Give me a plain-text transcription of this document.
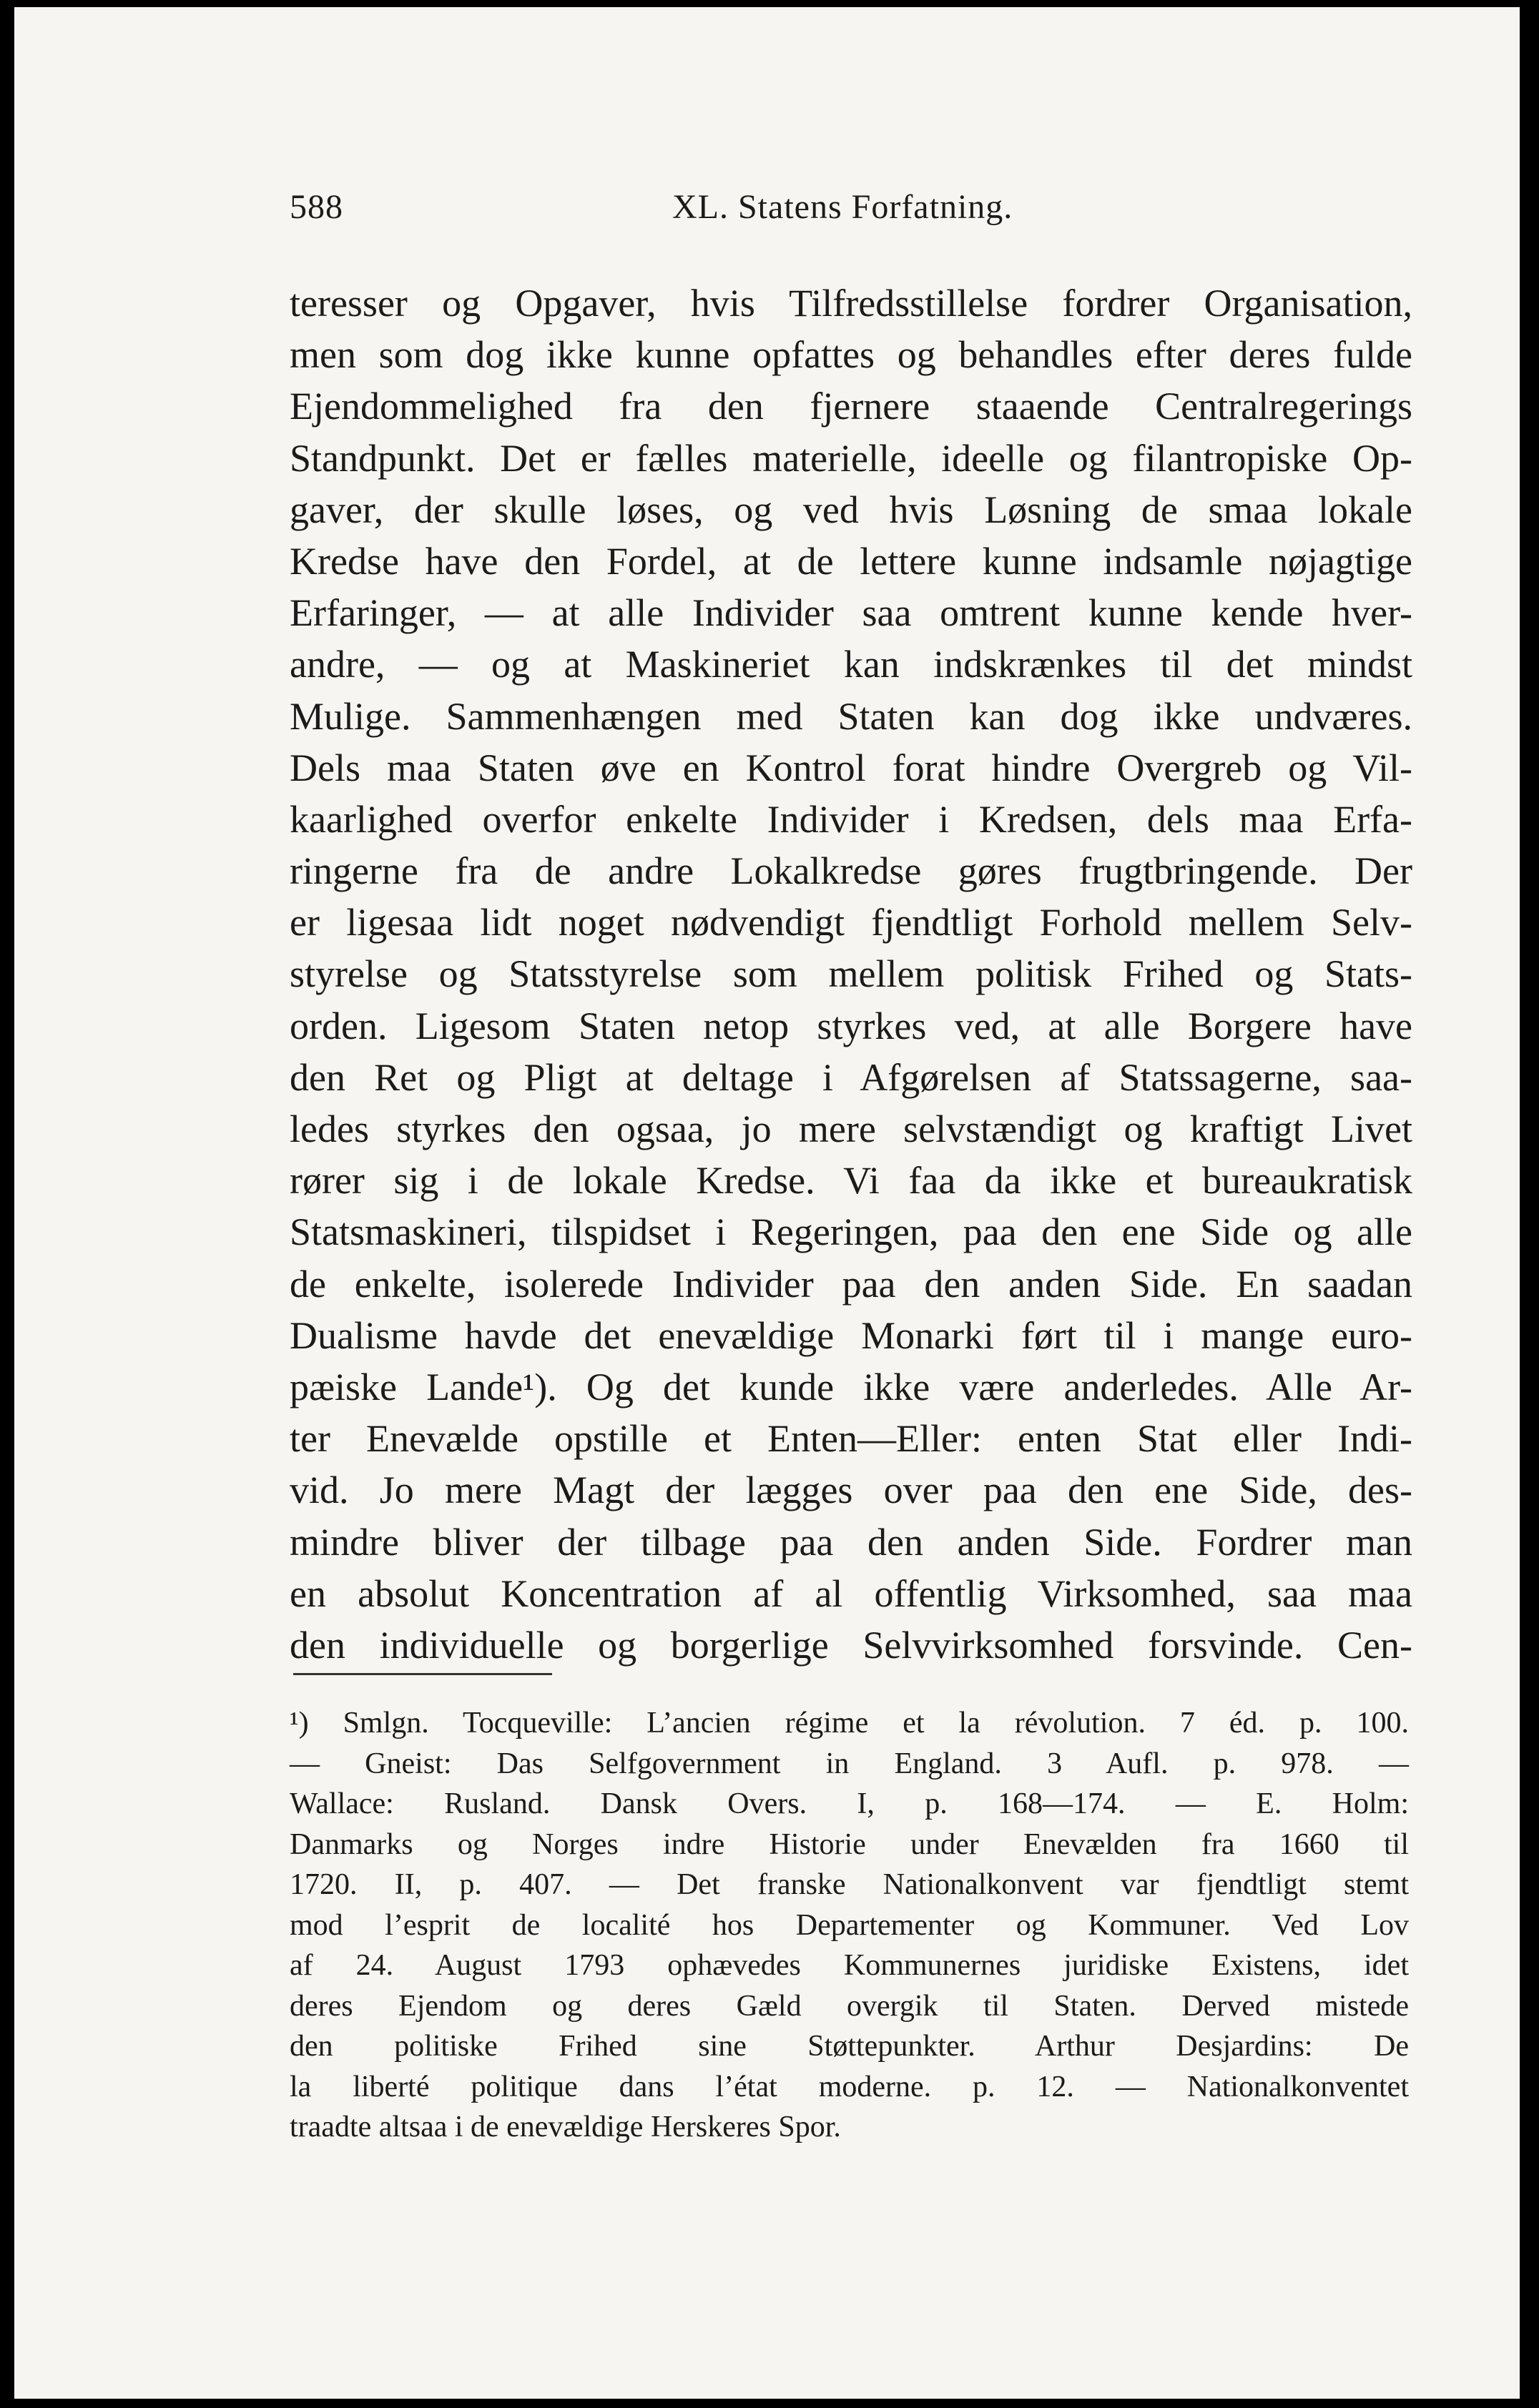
588	XL. Statens Forfatning.
teresser og Opgaver, hvis Tilfredsstillelse fordrer Organisation,
men som dog ikke kunne opfattes og behandles efter deres fulde
Ejendommelighed fra den fjernere staaende Centralregerings
Standpunkt. Det er fælles materielle, ideelle og filantropiske Op-
gaver, der skulle løses, og ved hvis Løsning de smaa lokale
Kredse have den Fordel, at de lettere kunne indsamle nøjagtige
Erfaringer, — at alle Individer saa omtrent kunne kende hver-
andre, — og at Maskineriet kan indskrænkes til det mindst
Mulige. Sammenhængen med Staten kan dog ikke undværes.
Dels maa Staten øve en Kontrol forat hindre Overgreb og Vil-
kaarlighed overfor enkelte Individer i Kredsen, dels maa Erfa-
ringerne fra de andre Lokalkredse gøres frugtbringende. Der
er ligesaa lidt noget nødvendigt fjendtligt Forhold mellem Selv-
styrelse og Statsstyrelse som mellem politisk Frihed og Stats-
orden. Ligesom Staten netop styrkes ved, at alle Borgere have
den Ret og Pligt at deltage i Afgørelsen af Statssagerne, saa-
ledes styrkes den ogsaa, jo mere selvstændigt og kraftigt Livet
rører sig i de lokale Kredse. Vi faa da ikke et bureaukratisk
Statsmaskineri, tilspidset i Regeringen, paa den ene Side og alle
de enkelte, isolerede Individer paa den anden Side. En saadan
Dualisme havde det enevældige Monarki ført til i mange euro-
pæiske Lande¹). Og det kunde ikke være anderledes. Alle Ar-
ter Enevælde opstille et Enten—Eller: enten Stat eller Indi-
vid. Jo mere Magt der lægges over paa den ene Side, des-
mindre bliver der tilbage paa den anden Side. Fordrer man
en absolut Koncentration af al offentlig Virksomhed, saa maa
den individuelle og borgerlige Selvvirksomhed forsvinde. Cen-
¹) Smlgn. Tocqueville: L’ancien régime et la révolution. 7 éd. p. 100.
— Gneist: Das Selfgovernment in England. 3 Aufl. p. 978. —
Wallace: Rusland. Dansk Overs. I, p. 168—174. — E. Holm:
Danmarks og Norges indre Historie under Enevælden fra 1660 til
1720. II, p. 407. — Det franske Nationalkonvent var fjendtligt stemt
mod l’esprit de localité hos Departementer og Kommuner. Ved Lov
af 24. August 1793 ophævedes Kommunernes juridiske Existens, idet
deres Ejendom og deres Gæld overgik til Staten. Derved mistede
den politiske Frihed sine Støttepunkter. Arthur Desjardins: De
la liberté politique dans l’état moderne. p. 12. — Nationalkonventet
traadte altsaa i de enevældige Herskeres Spor.
